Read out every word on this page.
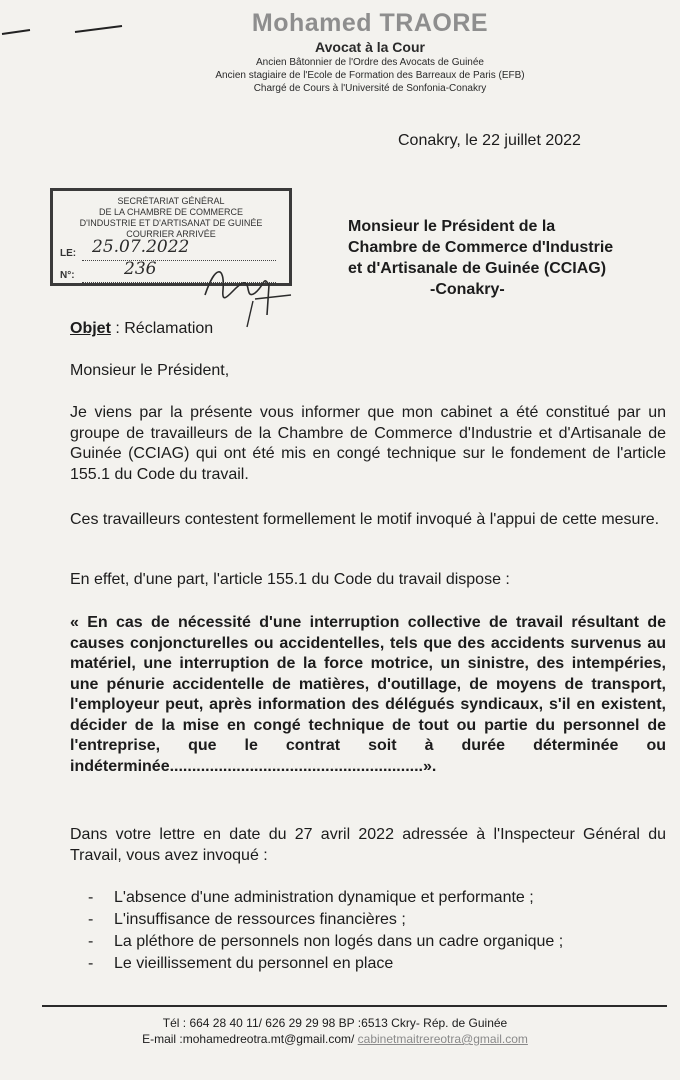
Mohamed TRAORE
Avocat à la Cour
Ancien Bâtonnier de l'Ordre des Avocats de Guinée
Ancien stagiaire de l'Ecole de Formation des Barreaux de Paris (EFB)
Chargé de Cours à l'Université de Sonfonia-Conakry
Conakry, le 22 juillet 2022
SECRÉTARIAT GÉNÉRAL
DE LA CHAMBRE DE COMMERCE
D'INDUSTRIE ET D'ARTISANAT DE GUINÉE
COURRIER ARRIVÉE
LE: 25.07.2022
N°:	236
Monsieur le Président de la
Chambre de Commerce d'Industrie
et d'Artisanale de Guinée (CCIAG)
-Conakry-
Objet : Réclamation
Monsieur le Président,
Je viens par la présente vous informer que mon cabinet a été constitué par un groupe de travailleurs de la Chambre de Commerce d'Industrie et d'Artisanale de Guinée (CCIAG) qui ont été mis en congé technique sur le fondement de l'article 155.1 du Code du travail.
Ces travailleurs contestent formellement le motif invoqué à l'appui de cette mesure.
En effet, d'une part, l'article 155.1 du Code du travail dispose :
« En cas de nécessité d'une interruption collective de travail résultant de causes conjoncturelles ou accidentelles, tels que des accidents survenus au matériel, une interruption de la force motrice, un sinistre, des intempéries, une pénurie accidentelle de matières, d'outillage, de moyens de transport, l'employeur peut, après information des délégués syndicaux, s'il en existent, décider de la mise en congé technique de tout ou partie du personnel de l'entreprise, que le contrat soit à durée déterminée ou indéterminée.........................................................».
Dans votre lettre en date du 27 avril 2022 adressée à l'Inspecteur Général du Travail, vous avez invoqué :
- L'absence d'une administration dynamique et performante ;
- L'insuffisance de ressources financières ;
- La pléthore de personnels non logés dans un cadre organique ;
- Le vieillissement du personnel en place
Tél : 664 28 40 11/ 626 29 29 98 BP :6513 Ckry- Rép. de Guinée
E-mail :mohamedreotra.mt@gmail.com/ cabinetmaitrereotra@gmail.com
